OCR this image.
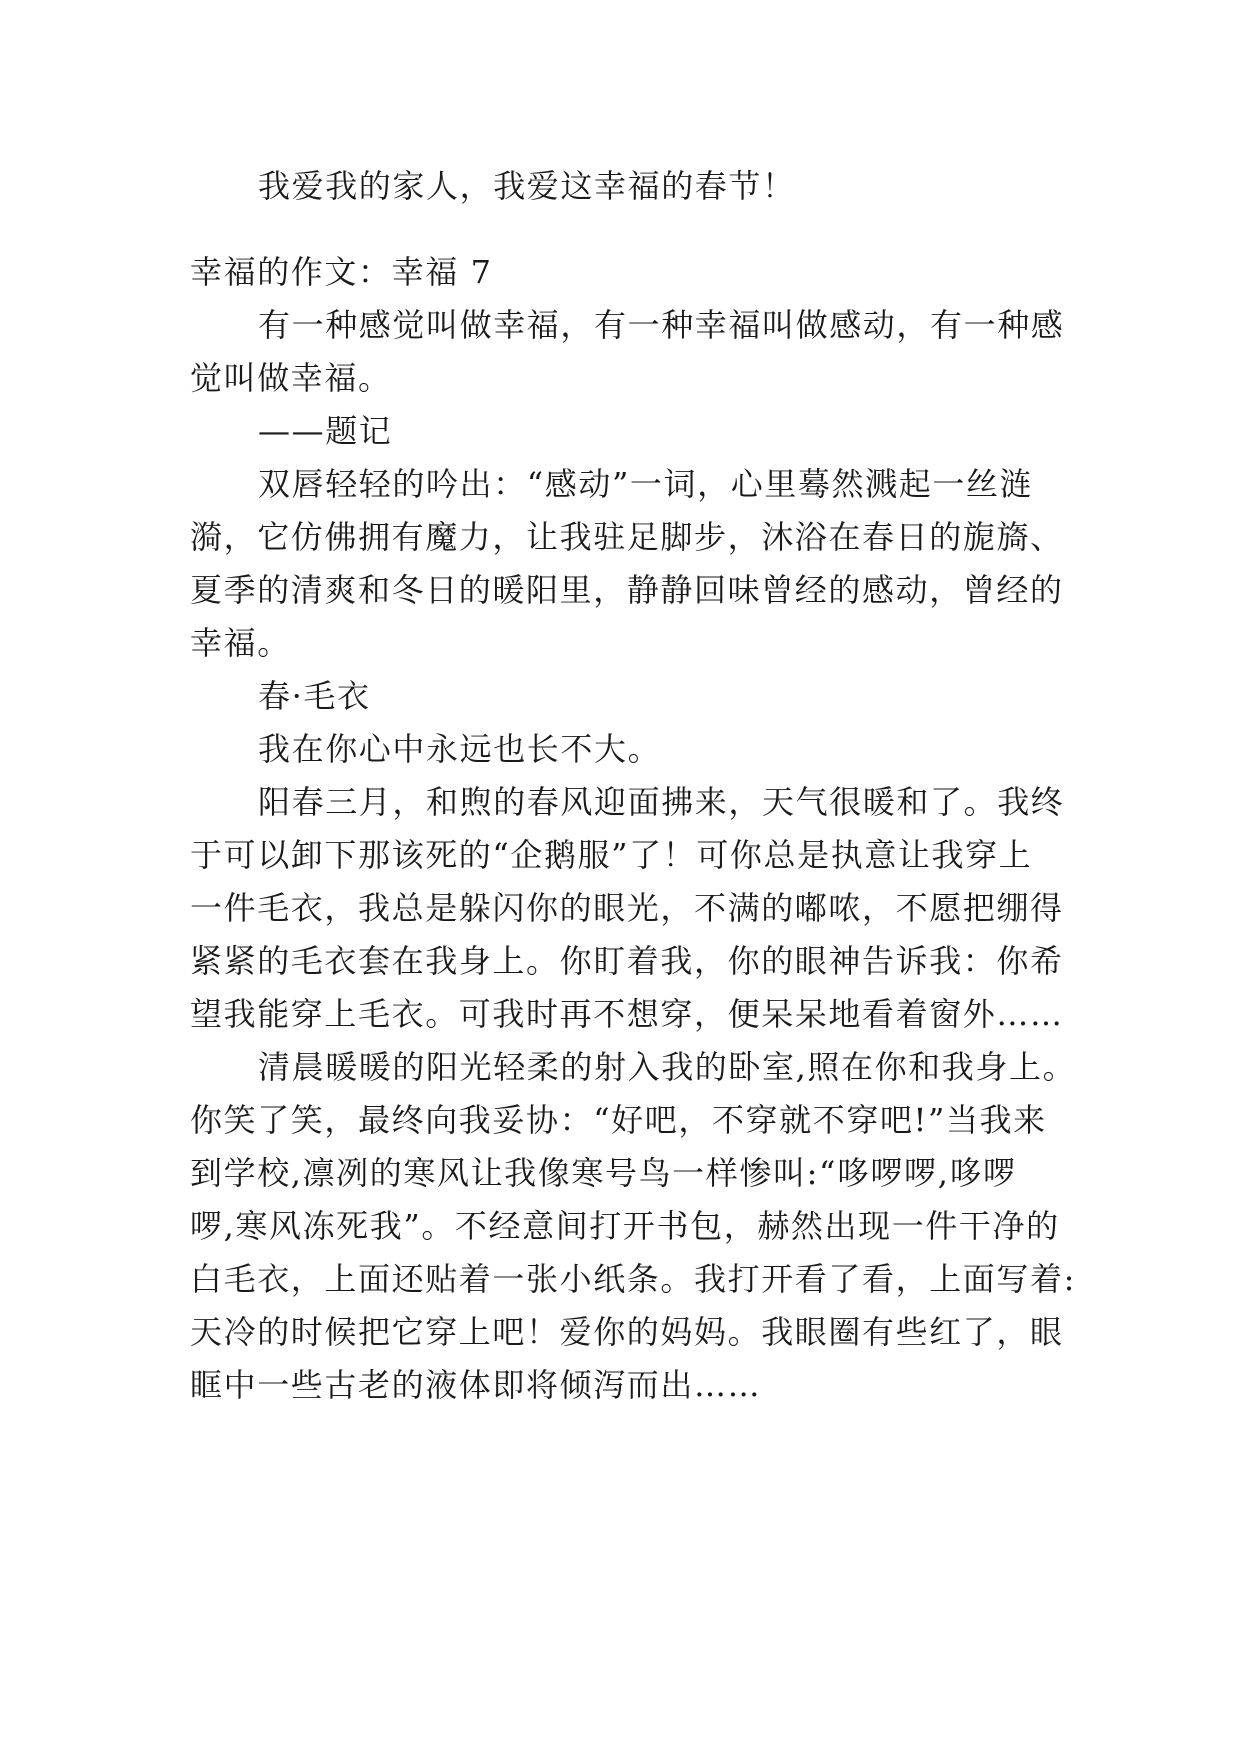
我爱我的家人，我爱这幸福的春节！

幸福的作文：幸福 7

有一种感觉叫做幸福，有一种幸福叫做感动，有一种感

觉叫做幸福。

——题记

双唇轻轻的吟出：“感动”一词，心里蓦然溅起一丝涟

漪，它仿佛拥有魔力，让我驻足脚步，沐浴在春日的旎旖、

夏季的清爽和冬日的暖阳里，静静回味曾经的感动，曾经的

幸福。

春·毛衣

我在你心中永远也长不大。

阳春三月，和煦的春风迎面拂来，天气很暖和了。我终

于可以卸下那该死的“企鹅服”了！可你总是执意让我穿上

一件毛衣，我总是躲闪你的眼光，不满的嘟哝，不愿把绷得

紧紧的毛衣套在我身上。你盯着我，你的眼神告诉我：你希

望我能穿上毛衣。可我时再不想穿，便呆呆地看着窗外……

清晨暖暖的阳光轻柔的射入我的卧室,照在你和我身上。

你笑了笑，最终向我妥协：“好吧，不穿就不穿吧!”当我来

到学校,凛冽的寒风让我像寒号鸟一样惨叫:“哆啰啰,哆啰

啰,寒风冻死我”。不经意间打开书包，赫然出现一件干净的

白毛衣，上面还贴着一张小纸条。我打开看了看，上面写着:

天冷的时候把它穿上吧！爱你的妈妈。我眼圈有些红了，眼

眶中一些古老的液体即将倾泻而出……
